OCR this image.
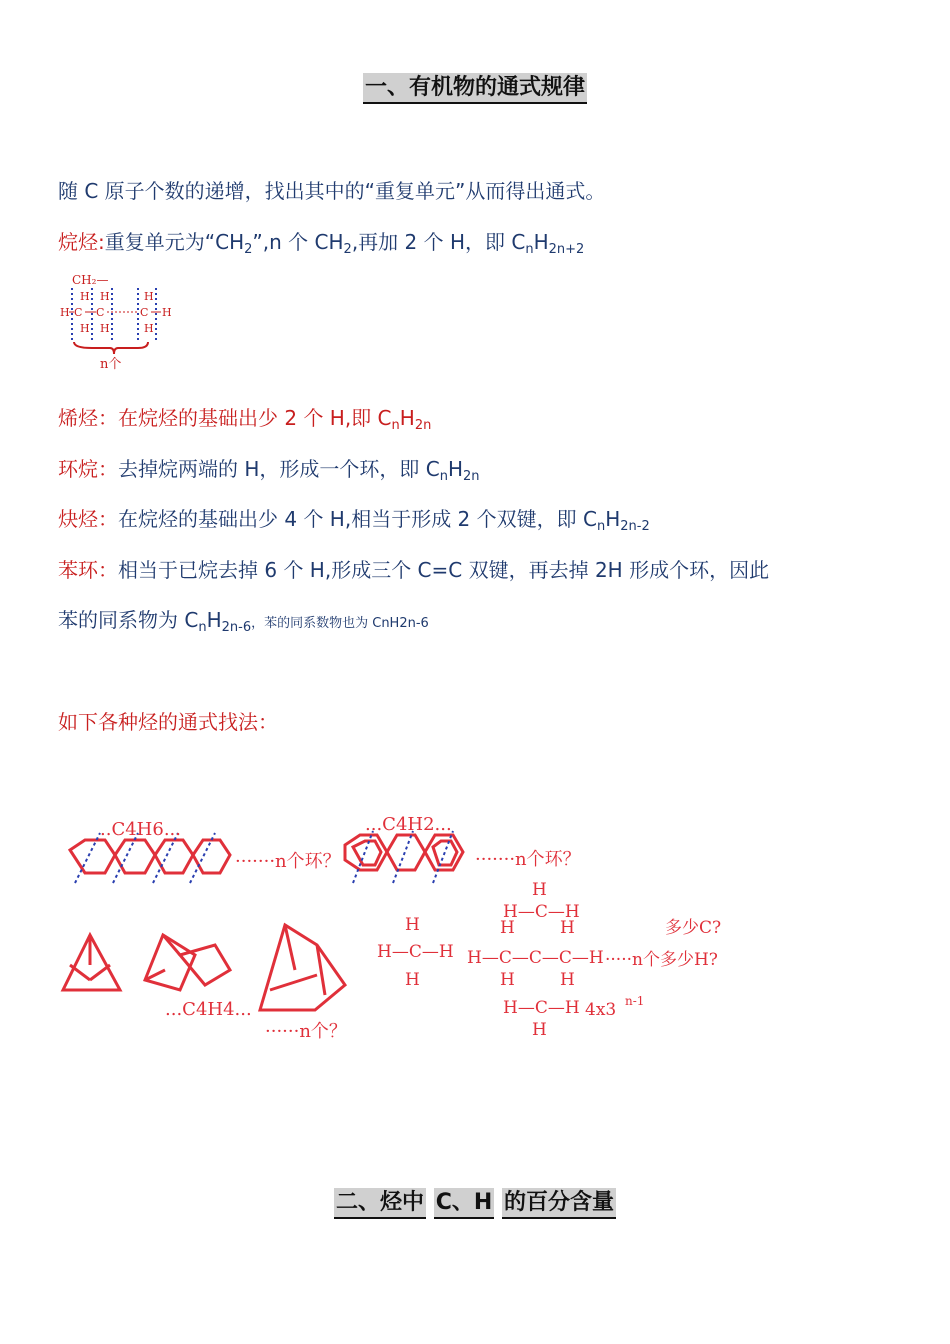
一、有机物的通式规律
随 C 原子个数的递增，找出其中的“重复单元”从而得出通式。
烷烃:重复单元为“$CH_2”,n$ 个 $CH_2$,再加 2 个 H，即 $C_nH_{2n+2}$
CH₂—
H H	H
H C C	C H
H H	H
n个
烯烃：在烷烃的基础出少 2 个 H,即 $C_nH_{2n}$
环烷：去掉烷两端的 H，形成一个环，即 $C_nH_{2n}$
炔烃：在烷烃的基础出少 4 个 H,相当于形成 2 个双键，即 $C_nH_{2n-2}$
苯环：相当于已烷去掉 6 个 H,形成三个 C=C 双键，再去掉 2H 形成个环，因此
苯的同系物为 $C_nH_{2n-6}$，苯的同系数物也为 CnH2n-6
如下各种烃的通式找法：
..C4H6...
·······n个环？
...C4H2...
·······n个环？
...C4H4...
······n个？
H
H—C—H
H
H
H—C—H
H	H
H—C—C—C—H
H	H
H—C—H
H
多少C?
·····n个多少H?
4x3 n-1
二、烃中 C、H 的百分含量
